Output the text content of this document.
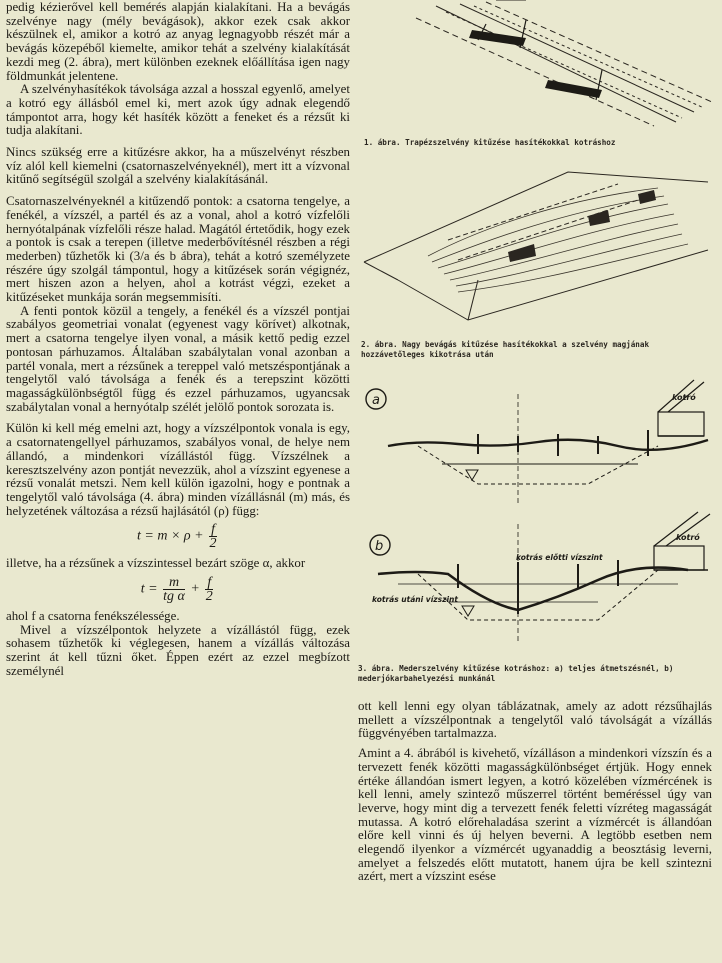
pedig kézierővel kell bemérés alapján kialakítani. Ha a bevágás szelvénye nagy (mély bevágások), akkor ezek csak akkor készülnek el, amikor a kotró az anyag legnagyobb részét már a bevágás közepéből kiemelte, amikor tehát a szelvény kialakítását kezdi meg (2. ábra), mert különben ezeknek előállítása igen nagy földmunkát jelentene.

A szelvényhasítékok távolsága azzal a hosszal egyenlő, amelyet a kotró egy állásból emel ki, mert azok úgy adnak elegendő támpontot arra, hogy két hasíték között a feneket és a rézsűt ki tudja alakítani.

Nincs szükség erre a kitűzésre akkor, ha a műszelvényt részben víz alól kell kiemelni (csatornaszelvényeknél), mert itt a vízvonal kitűnő segítségül szolgál a szelvény kialakításánál.

Csatornaszelvényeknél a kitűzendő pontok: a csatorna tengelye, a fenékél, a vízszél, a partél és az a vonal, ahol a kotró vízfelőli hernyótalpának vízfelőli része halad. Magától értetődik, hogy ezek a pontok is csak a terepen (illetve mederbővítésnél részben a régi mederben) tűzhetők ki (3/a és b ábra), tehát a kotró személyzete részére úgy szolgál támpontul, hogy a kitűzések során végignéz, mert hiszen azon a helyen, ahol a kotrást végzi, ezeket a kitűzéseket munkája során megsemmisíti.

A fenti pontok közül a tengely, a fenékél és a vízszél pontjai szabályos geometriai vonalat (egyenest vagy körívet) alkotnak, mert a csatorna tengelye ilyen vonal, a másik kettő pedig ezzel pontosan párhuzamos. Általában szabálytalan vonal azonban a partél vonala, mert a rézsűnek a tereppel való metszéspontjának a tengelytől való távolsága a fenék és a terepszint közötti magasságkülönbségtől függ és ezzel párhuzamos, ugyancsak szabálytalan vonal a hernyótalp szélét jelölő pontok sorozata is.

Külön ki kell még emelni azt, hogy a vízszélpontok vonala is egy, a csatornatengellyel párhuzamos, szabályos vonal, de helye nem állandó, a mindenkori vízállástól függ. Vízszélnek a keresztszelvény azon pontját nevezzük, ahol a vízszint egyenese a rézsű vonalát metszi. Nem kell külön igazolni, hogy e pontnak a tengelytől való távolsága (4. ábra) minden vízállásnál (m) más, és helyzetének változása a rézsű hajlásától (ρ) függ:

$t = m \times \rho + \frac{f}{2}$

illetve, ha a rézsűnek a vízszintessel bezárt szöge α, akkor

$t = \frac{m}{\text{tg α}} + \frac{f}{2}$

ahol f a csatorna fenékszélessége.

Mivel a vízszélpontok helyzete a vízállástól függ, ezek sohasem tűzhetők ki véglegesen, hanem a vízállás változása szerint át kell tűzni őket. Éppen ezért az ezzel megbízott személynél

ott kell lenni egy olyan táblázatnak, amely az adott rézsűhajlás mellett a vízszélpontnak a tengelytől való távolságát a vízállás függvényében tartalmazza.

Amint a 4. ábrából is kivehető, vízálláson a mindenkori vízszín és a tervezett fenék közötti magasságkülönbséget értjük. Hogy ennek értéke állandóan ismert legyen, a kotró közelében vízmércének is kell lenni, amely szintező műszerrel történt beméréssel úgy van leverve, hogy mint dig a tervezett fenék feletti vízréteg magasságát mutassa. A kotró előrehaladása szerint a vízmércét is állandóan előre kell vinni és új helyen beverni. A legtöbb esetben nem elegendő ilyenkor a vízmércét ugyanaddig a beosztásig leverni, amelyet a felszedés előtt mutatott, hanem újra be kell szintezni azért, mert a vízszint esése

1. ábra. Trapézszelvény kitűzése hasítékokkal kotráshoz
2. ábra. Nagy bevágás kitűzése hasítékokkal a szelvény magjának hozzávetőleges kikotrása után
a	kotró
b
kotrás előtti vízszint
kotrás utáni vízszint
kotró
3. ábra. Mederszelvény kitűzése kotráshoz: a) teljes átmetszésnél, b) mederjókarbahelyezési munkánál
